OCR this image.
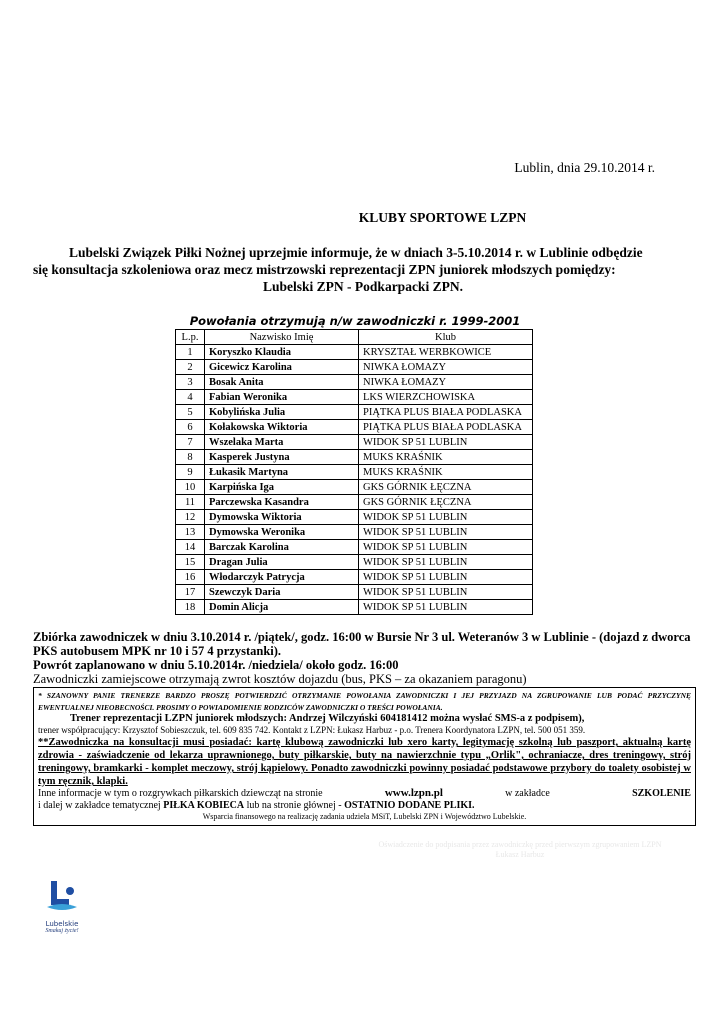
Lublin, dnia 29.10.2014 r.
KLUBY SPORTOWE LZPN
Lubelski Związek Piłki Nożnej uprzejmie informuje, że w dniach 3-5.10.2014 r. w Lublinie odbędzie
się konsultacja szkoleniowa oraz mecz mistrzowski reprezentacji ZPN juniorek młodszych pomiędzy:
Lubelski ZPN - Podkarpacki ZPN.
Powołania otrzymują n/w zawodniczki r. 1999-2001
L.p.	Nazwisko Imię	Klub
1	Koryszko Klaudia	KRYSZTAŁ WERBKOWICE
2	Gicewicz Karolina	NIWKA ŁOMAZY
3	Bosak Anita	NIWKA ŁOMAZY
4	Fabian Weronika	LKS WIERZCHOWISKA
5	Kobylińska Julia	PIĄTKA PLUS BIAŁA PODLASKA
6	Kołakowska Wiktoria	PIĄTKA PLUS BIAŁA PODLASKA
7	Wszelaka Marta	WIDOK SP 51 LUBLIN
8	Kasperek Justyna	MUKS KRAŚNIK
9	Łukasik Martyna	MUKS KRAŚNIK
10	Karpińska Iga	GKS GÓRNIK ŁĘCZNA
11	Parczewska Kasandra	GKS GÓRNIK ŁĘCZNA
12	Dymowska Wiktoria	WIDOK SP 51 LUBLIN
13	Dymowska Weronika	WIDOK SP 51 LUBLIN
14	Barczak Karolina	WIDOK SP 51 LUBLIN
15	Dragan Julia	WIDOK SP 51 LUBLIN
16	Włodarczyk Patrycja	WIDOK SP 51 LUBLIN
17	Szewczyk Daria	WIDOK SP 51 LUBLIN
18	Domin Alicja	WIDOK SP 51 LUBLIN
Zbiórka zawodniczek w dniu 3.10.2014 r. /piątek/, godz. 16:00 w Bursie Nr 3 ul. Weteranów 3 w Lublinie - (dojazd z dworca
PKS autobusem MPK nr 10 i 57 4 przystanki).
Powrót zaplanowano w dniu 5.10.2014r. /niedziela/ około godz. 16:00
Zawodniczki zamiejscowe otrzymają zwrot kosztów dojazdu (bus, PKS – za okazaniem paragonu)
* SZANOWNY PANIE TRENERZE BARDZO PROSZĘ POTWIERDZIĆ OTRZYMANIE POWOŁANIA ZAWODNICZKI I JEJ PRZYJAZD NA ZGRUPOWANIE LUB PODAĆ PRZYCZYNĘ EWENTUALNEJ NIEOBECNOŚCI. PROSIMY O POWIADOMIENIE RODZICÓW ZAWODNICZKI O TREŚCI POWOŁANIA.
Trener reprezentacji LZPN juniorek młodszych: Andrzej Wilczyński 604181412 można wysłać SMS-a z podpisem),
trener współpracujący: Krzysztof Sobieszczuk, tel. 609 835 742. Kontakt z LZPN: Łukasz Harbuz - p.o. Trenera Koordynatora LZPN, tel. 500 051 359.
**Zawodniczka na konsultacji musi posiadać: kartę klubową zawodniczki lub xero karty, legitymację szkolną lub paszport, aktualną kartę zdrowia - zaświadczenie od lekarza uprawnionego, buty piłkarskie, buty na nawierzchnie typu „Orlik", ochraniacze, dres treningowy, strój treningowy, bramkarki - komplet meczowy, strój kąpielowy. Ponadto zawodniczki powinny posiadać podstawowe przybory do toalety osobistej w tym ręcznik, klapki.
Inne informacje w tym o rozgrywkach piłkarskich dziewcząt na stronie	www.lzpn.pl	w zakładce	SZKOLENIE
i dalej w zakładce tematycznej PIŁKA KOBIECA lub na stronie głównej - OSTATNIO DODANE PLIKI.
Wsparcia finansowego na realizację zadania udziela MSiT, Lubelski ZPN i Województwo Lubelskie.
Oświadczenie do podpisania przez zawodniczkę przed pierwszym zgrupowaniem LZPN
Łukasz Harbuz
Lubelskie
Smakuj życie!
